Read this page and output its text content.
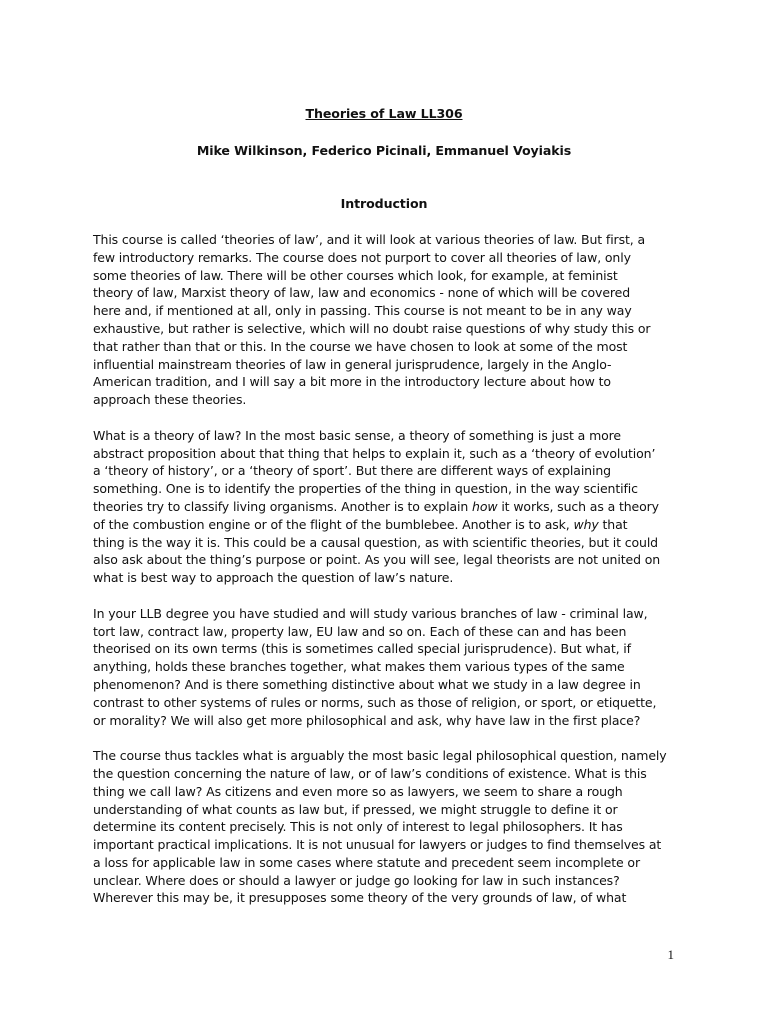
Theories of Law LL306
Mike Wilkinson, Federico Picinali, Emmanuel Voyiakis
Introduction

This course is called ‘theories of law’, and it will look at various theories of law. But first, a
few introductory remarks. The course does not purport to cover all theories of law, only
some theories of law. There will be other courses which look, for example, at feminist
theory of law, Marxist theory of law, law and economics - none of which will be covered
here and, if mentioned at all, only in passing. This course is not meant to be in any way
exhaustive, but rather is selective, which will no doubt raise questions of why study this or
that rather than that or this. In the course we have chosen to look at some of the most
influential mainstream theories of law in general jurisprudence, largely in the Anglo-
American tradition, and I will say a bit more in the introductory lecture about how to
approach these theories.

What is a theory of law? In the most basic sense, a theory of something is just a more
abstract proposition about that thing that helps to explain it, such as a ‘theory of evolution’
a ‘theory of history’, or a ‘theory of sport’. But there are different ways of explaining
something. One is to identify the properties of the thing in question, in the way scientific
theories try to classify living organisms. Another is to explain how it works, such as a theory
of the combustion engine or of the flight of the bumblebee. Another is to ask, why that
thing is the way it is. This could be a causal question, as with scientific theories, but it could
also ask about the thing’s purpose or point. As you will see, legal theorists are not united on
what is best way to approach the question of law’s nature.

In your LLB degree you have studied and will study various branches of law - criminal law,
tort law, contract law, property law, EU law and so on. Each of these can and has been
theorised on its own terms (this is sometimes called special jurisprudence). But what, if
anything, holds these branches together, what makes them various types of the same
phenomenon? And is there something distinctive about what we study in a law degree in
contrast to other systems of rules or norms, such as those of religion, or sport, or etiquette,
or morality? We will also get more philosophical and ask, why have law in the first place?

The course thus tackles what is arguably the most basic legal philosophical question, namely
the question concerning the nature of law, or of law’s conditions of existence. What is this
thing we call law? As citizens and even more so as lawyers, we seem to share a rough
understanding of what counts as law but, if pressed, we might struggle to define it or
determine its content precisely. This is not only of interest to legal philosophers. It has
important practical implications. It is not unusual for lawyers or judges to find themselves at
a loss for applicable law in some cases where statute and precedent seem incomplete or
unclear. Where does or should a lawyer or judge go looking for law in such instances?
Wherever this may be, it presupposes some theory of the very grounds of law, of what

1
